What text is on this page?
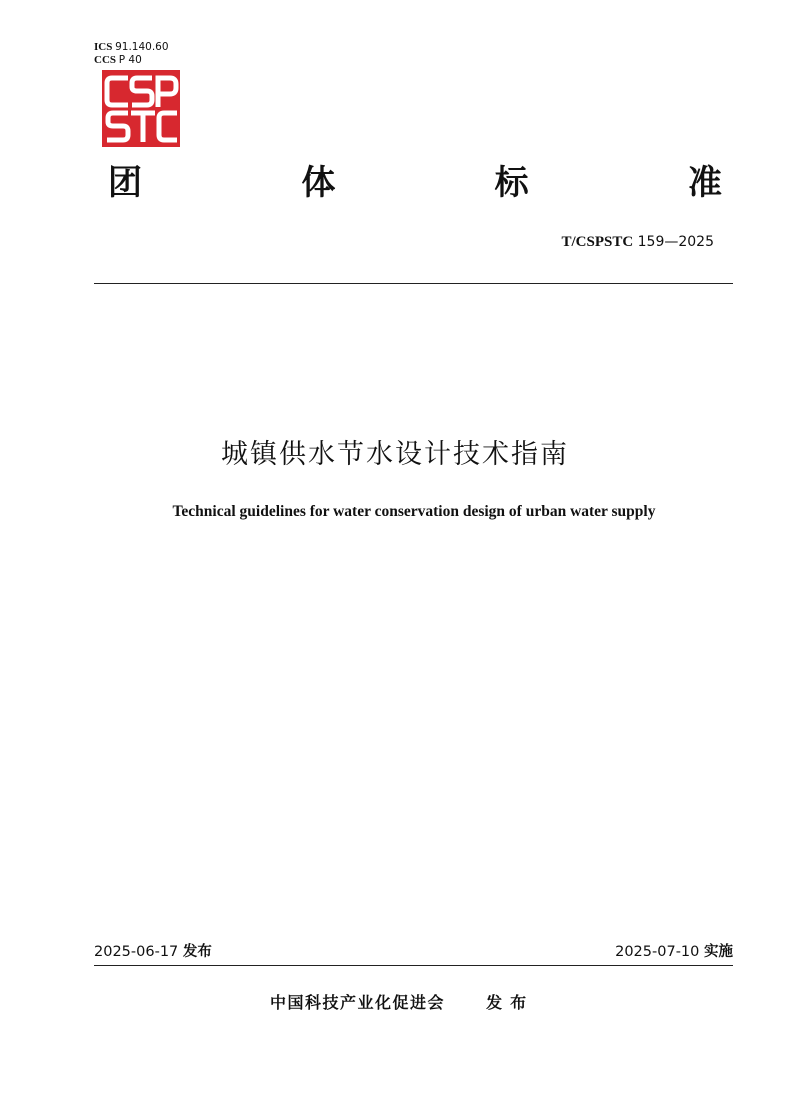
ICS 91.140.60
CCS P 40
团	体	标	准
T/CSPSTC 159—2025
城镇供水节水设计技术指南
Technical guidelines for water conservation design of urban water supply
2025-06-17 发布	2025-07-10 实施
中国科技产业化促进会	发布
